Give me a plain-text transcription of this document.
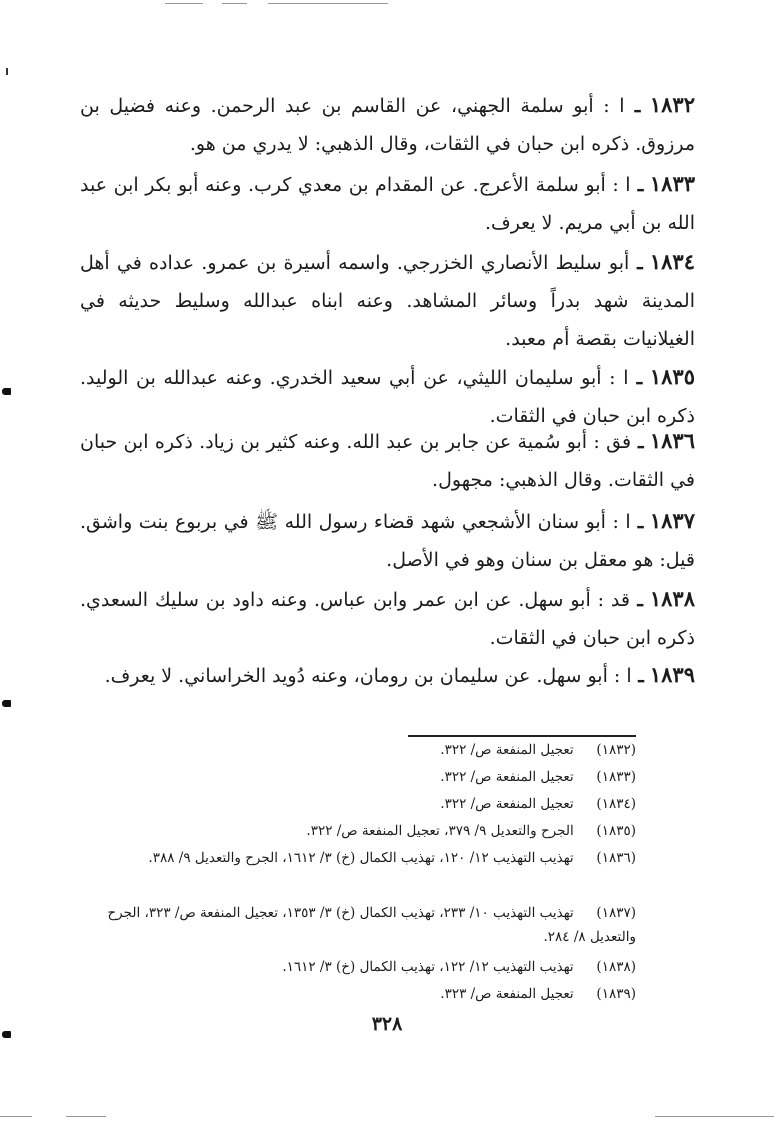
١٨٣٢ ـ ا : أبو سلمة الجهني، عن القاسم بن عبد الرحمن. وعنه فضيل بن مرزوق. ذكره ابن حبان في الثقات، وقال الذهبي: لا يدري من هو.
١٨٣٣ ـ ا : أبو سلمة الأعرج. عن المقدام بن معدي كرب. وعنه أبو بكر ابن عبد الله بن أبي مريم. لا يعرف.
١٨٣٤ ـ أبو سليط الأنصاري الخزرجي. واسمه أسيرة بن عمرو. عداده في أهل المدينة شهد بدراً وسائر المشاهد. وعنه ابناه عبدالله وسليط حديثه في الغيلانيات بقصة أم معبد.
١٨٣٥ ـ ا : أبو سليمان الليثي، عن أبي سعيد الخدري. وعنه عبدالله بن الوليد. ذكره ابن حبان في الثقات.
١٨٣٦ ـ فق : أبو سُمية عن جابر بن عبد الله. وعنه كثير بن زياد. ذكره ابن حبان في الثقات. وقال الذهبي: مجهول.
١٨٣٧ ـ ا : أبو سنان الأشجعي شهد قضاء رسول الله ﷺ في بربوع بنت واشق. قيل: هو معقل بن سنان وهو في الأصل.
١٨٣٨ ـ قد : أبو سهل. عن ابن عمر وابن عباس. وعنه داود بن سليك السعدي. ذكره ابن حبان في الثقات.
١٨٣٩ ـ ا : أبو سهل. عن سليمان بن رومان، وعنه دُويد الخراساني. لا يعرف.
(١٨٣٢) تعجيل المنفعة ص/ ٣٢٢.
(١٨٣٣) تعجيل المنفعة ص/ ٣٢٢.
(١٨٣٤) تعجيل المنفعة ص/ ٣٢٢.
(١٨٣٥) الجرح والتعديل ٩/ ٣٧٩، تعجيل المنفعة ص/ ٣٢٢.
(١٨٣٦) تهذيب التهذيب ١٢/ ١٢٠، تهذيب الكمال (خ) ٣/ ١٦١٢، الجرح والتعديل ٩/ ٣٨٨.
(١٨٣٧) تهذيب التهذيب ١٠/ ٢٣٣، تهذيب الكمال (خ) ٣/ ١٣٥٣، تعجيل المنفعة ص/ ٣٢٣، الجرح والتعديل ٨/ ٢٨٤.
(١٨٣٨) تهذيب التهذيب ١٢/ ١٢٢، تهذيب الكمال (خ) ٣/ ١٦١٢.
(١٨٣٩) تعجيل المنفعة ص/ ٣٢٣.
٣٢٨
